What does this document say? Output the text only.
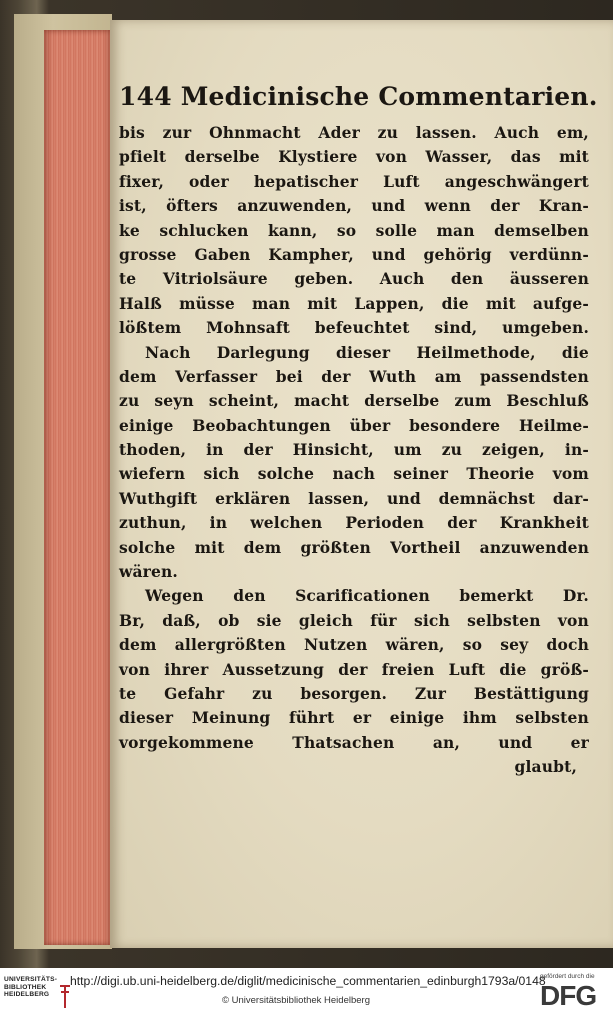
144 Medicinische Commentarien.
bis zur Ohnmacht Ader zu lassen. Auch em,
pfielt derselbe Klystiere von Wasser, das mit
fixer, oder hepatischer Luft angeschwängert
ist, öfters anzuwenden, und wenn der Kran-
ke schlucken kann, so solle man demselben
grosse Gaben Kampher, und gehörig verdünn-
te Vitriolsäure geben. Auch den äusseren
Halß müsse man mit Lappen, die mit aufge-
lößtem Mohnsaft befeuchtet sind, umgeben.
Nach Darlegung dieser Heilmethode, die
dem Verfasser bei der Wuth am passendsten
zu seyn scheint, macht derselbe zum Beschluß
einige Beobachtungen über besondere Heilme-
thoden, in der Hinsicht, um zu zeigen, in-
wiefern sich solche nach seiner Theorie vom
Wuthgift erklären lassen, und demnächst dar-
zuthun, in welchen Perioden der Krankheit
solche mit dem größten Vortheil anzuwenden
wären.
Wegen den Scarificationen bemerkt Dr.
Br, daß, ob sie gleich für sich selbsten von
dem allergrößten Nutzen wären, so sey doch
von ihrer Aussetzung der freien Luft die größ-
te Gefahr zu besorgen. Zur Bestättigung
dieser Meinung führt er einige ihm selbsten
vorgekommene Thatsachen an, und er
glaubt,
UNIVERSITÄTS-
BIBLIOTHEK
HEIDELBERG
http://digi.ub.uni-heidelberg.de/diglit/medicinische_commentarien_edinburgh1793a/0148
© Universitätsbibliothek Heidelberg
gefördert durch die
DFG
